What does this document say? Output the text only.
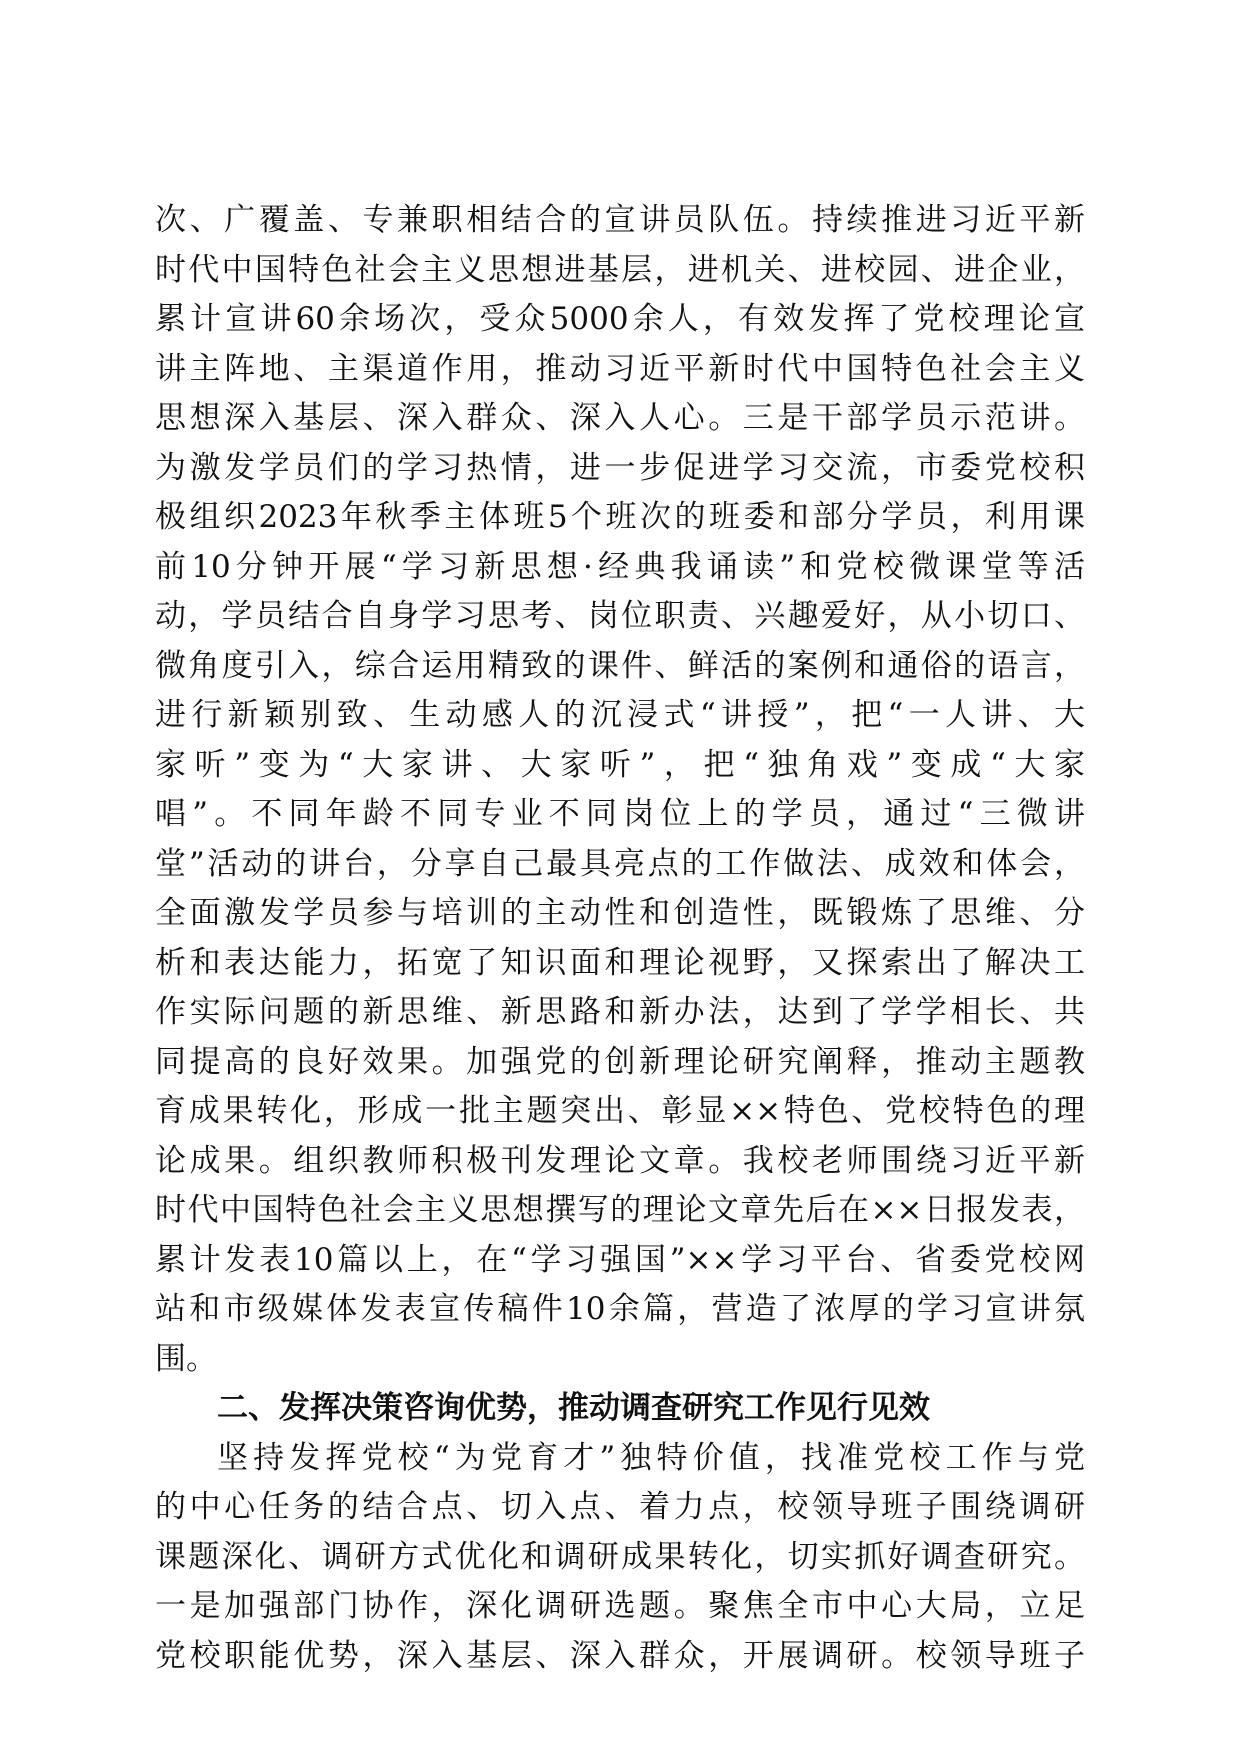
次、广覆盖、专兼职相结合的宣讲员队伍。持续推进习近平新
时代中国特色社会主义思想进基层，进机关、进校园、进企业，
累计宣讲60余场次，受众5000余人，有效发挥了党校理论宣
讲主阵地、主渠道作用，推动习近平新时代中国特色社会主义
思想深入基层、深入群众、深入人心。三是干部学员示范讲。
为激发学员们的学习热情，进一步促进学习交流，市委党校积
极组织2023年秋季主体班5个班次的班委和部分学员，利用课
前10分钟开展“学习新思想·经典我诵读”和党校微课堂等活
动，学员结合自身学习思考、岗位职责、兴趣爱好，从小切口、
微角度引入，综合运用精致的课件、鲜活的案例和通俗的语言，
进行新颖别致、生动感人的沉浸式“讲授”，把“一人讲、大
家听”变为“大家讲、大家听”，把“独角戏”变成“大家
唱”。不同年龄不同专业不同岗位上的学员，通过“三微讲
堂”活动的讲台，分享自己最具亮点的工作做法、成效和体会，
全面激发学员参与培训的主动性和创造性，既锻炼了思维、分
析和表达能力，拓宽了知识面和理论视野，又探索出了解决工
作实际问题的新思维、新思路和新办法，达到了学学相长、共
同提高的良好效果。加强党的创新理论研究阐释，推动主题教
育成果转化，形成一批主题突出、彰显××特色、党校特色的理
论成果。组织教师积极刊发理论文章。我校老师围绕习近平新
时代中国特色社会主义思想撰写的理论文章先后在××日报发表，
累计发表10篇以上，在“学习强国”××学习平台、省委党校网
站和市级媒体发表宣传稿件10余篇，营造了浓厚的学习宣讲氛
围。
二、发挥决策咨询优势，推动调查研究工作见行见效
坚持发挥党校“为党育才”独特价值，找准党校工作与党
的中心任务的结合点、切入点、着力点，校领导班子围绕调研
课题深化、调研方式优化和调研成果转化，切实抓好调查研究。
一是加强部门协作，深化调研选题。聚焦全市中心大局，立足
党校职能优势，深入基层、深入群众，开展调研。校领导班子
